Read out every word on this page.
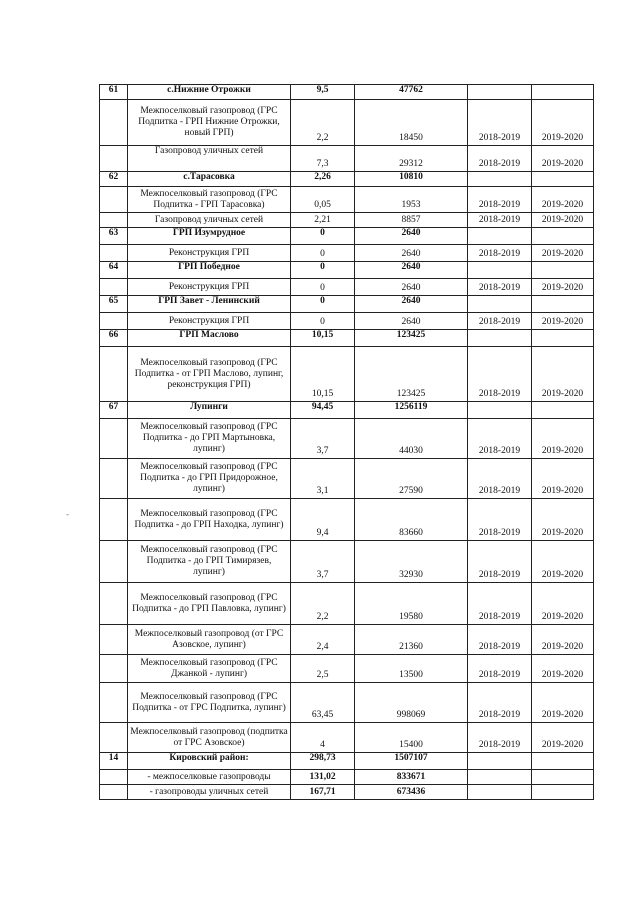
-
61	с.Нижние Отрожки	9,5	47762		
	Межпоселковый газопровод (ГРС Подпитка - ГРП Нижние Отрожки, новый ГРП)	2,2	18450	2018-2019	2019-2020
	Газопровод уличных сетей	7,3	29312	2018-2019	2019-2020
62	с.Тарасовка	2,26	10810		
	Межпоселковый газопровод (ГРС Подпитка - ГРП Тарасовка)	0,05	1953	2018-2019	2019-2020
	Газопровод уличных сетей	2,21	8857	2018-2019	2019-2020
63	ГРП Изумрудное	0	2640		
	Реконструкция ГРП	0	2640	2018-2019	2019-2020
64	ГРП Победное	0	2640		
	Реконструкция ГРП	0	2640	2018-2019	2019-2020
65	ГРП Завет - Ленинский	0	2640		
	Реконструкция ГРП	0	2640	2018-2019	2019-2020
66	ГРП Маслово	10,15	123425		
	Межпоселковый газопровод (ГРС Подпитка - от ГРП Маслово, лупинг, реконструкция ГРП)	10,15	123425	2018-2019	2019-2020
67	Лупинги	94,45	1256119		
	Межпоселковый газопровод (ГРС Подпитка - до ГРП Мартыновка, лупинг)	3,7	44030	2018-2019	2019-2020
	Межпоселковый газопровод (ГРС Подпитка - до ГРП Придорожное, лупинг)	3,1	27590	2018-2019	2019-2020
	Межпоселковый газопровод (ГРС Подпитка - до ГРП Находка, лупинг)	9,4	83660	2018-2019	2019-2020
	Межпоселковый газопровод (ГРС Подпитка - до ГРП Тимирязев, лупинг)	3,7	32930	2018-2019	2019-2020
	Межпоселковый газопровод (ГРС Подпитка - до ГРП Павловка, лупинг)	2,2	19580	2018-2019	2019-2020
	Межпоселковый газопровод (от ГРС Азовское, лупинг)	2,4	21360	2018-2019	2019-2020
	Межпоселковый газопровод (ГРС Джанкой - лупинг)	2,5	13500	2018-2019	2019-2020
	Межпоселковый газопровод (ГРС Подпитка - от ГРС Подпитка, лупинг)	63,45	998069	2018-2019	2019-2020
	Межпоселковый газопровод (подпитка от ГРС Азовское)	4	15400	2018-2019	2019-2020
14	Кировский район:	298,73	1507107		
	- межпоселковые газопроводы	131,02	833671		
	- газопроводы уличных сетей	167,71	673436		
